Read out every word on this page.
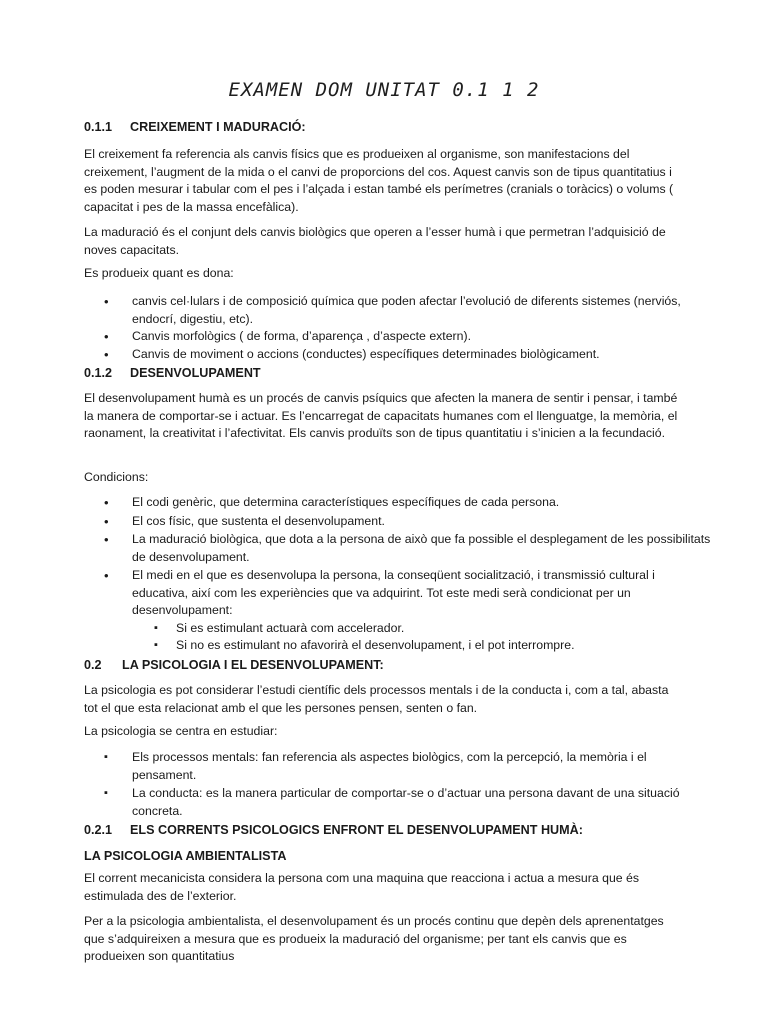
EXAMEN DOM UNITAT 0.1 1 2
0.1.1 CREIXEMENT I MADURACIÓ:

El creixement fa referencia als canvis físics que es produeixen al organisme, son manifestacions del creixement, l’augment de la mida o el canvi de proporcions del cos. Aquest canvis son de tipus quantitatius i es poden mesurar i tabular com el pes i l’alçada i estan també els perímetres (cranials o toràcics) o volums ( capacitat i pes de la massa encefàlica).

La maduració és el conjunt dels canvis biològics que operen a l’esser humà i que permetran l’adquisició de noves capacitats.

Es produeix quant es dona:

• canvis cel·lulars i de composició química que poden afectar l’evolució de diferents sistemes (nerviós, endocrí, digestiu, etc).

• Canvis morfològics ( de forma, d’aparença , d’aspecte extern).

• Canvis de moviment o accions (conductes) específiques determinades biològicament.

0.1.2 DESENVOLUPAMENT

El desenvolupament humà es un procés de canvis psíquics que afecten la manera de sentir i pensar, i també la manera de comportar-se i actuar. Es l’encarregat de capacitats humanes com el llenguatge, la memòria, el raonament, la creativitat i l’afectivitat. Els canvis produïts son de tipus quantitatiu i s’inicien a la fecundació.

Condicions:

• El codi genèric, que determina característiques específiques de cada persona.

• El cos físic, que sustenta el desenvolupament.

• La maduració biològica, que dota a la persona de això que fa possible el desplegament de les possibilitats de desenvolupament.

• El medi en el que es desenvolupa la persona, la conseqüent socialització, i transmissió cultural i educativa, així com les experiències que va adquirint. Tot este medi serà condicionat per un desenvolupament:

▪ Si es estimulant actuarà com accelerador.

▪ Si no es estimulant no afavorirà el desenvolupament, i el pot interrompre.

0.2 LA PSICOLOGIA I EL DESENVOLUPAMENT:

La psicologia es pot considerar l’estudi científic dels processos mentals i de la conducta i, com a tal, abasta tot el que esta relacionat amb el que les persones pensen, senten o fan.

La psicologia se centra en estudiar:

▪ Els processos mentals: fan referencia als aspectes biològics, com la percepció, la memòria i el pensament.

▪ La conducta: es la manera particular de comportar-se o d’actuar una persona davant de una situació concreta.

0.2.1 ELS CORRENTS PSICOLOGICS ENFRONT EL DESENVOLUPAMENT HUMÀ:
LA PSICOLOGIA AMBIENTALISTA

El corrent mecanicista considera la persona com una maquina que reacciona i actua a mesura que és estimulada des de l’exterior.

Per a la psicologia ambientalista, el desenvolupament és un procés continu que depèn dels aprenentatges que s’adquireixen a mesura que es produeix la maduració del organisme; per tant els canvis que es produeixen son quantitatius
